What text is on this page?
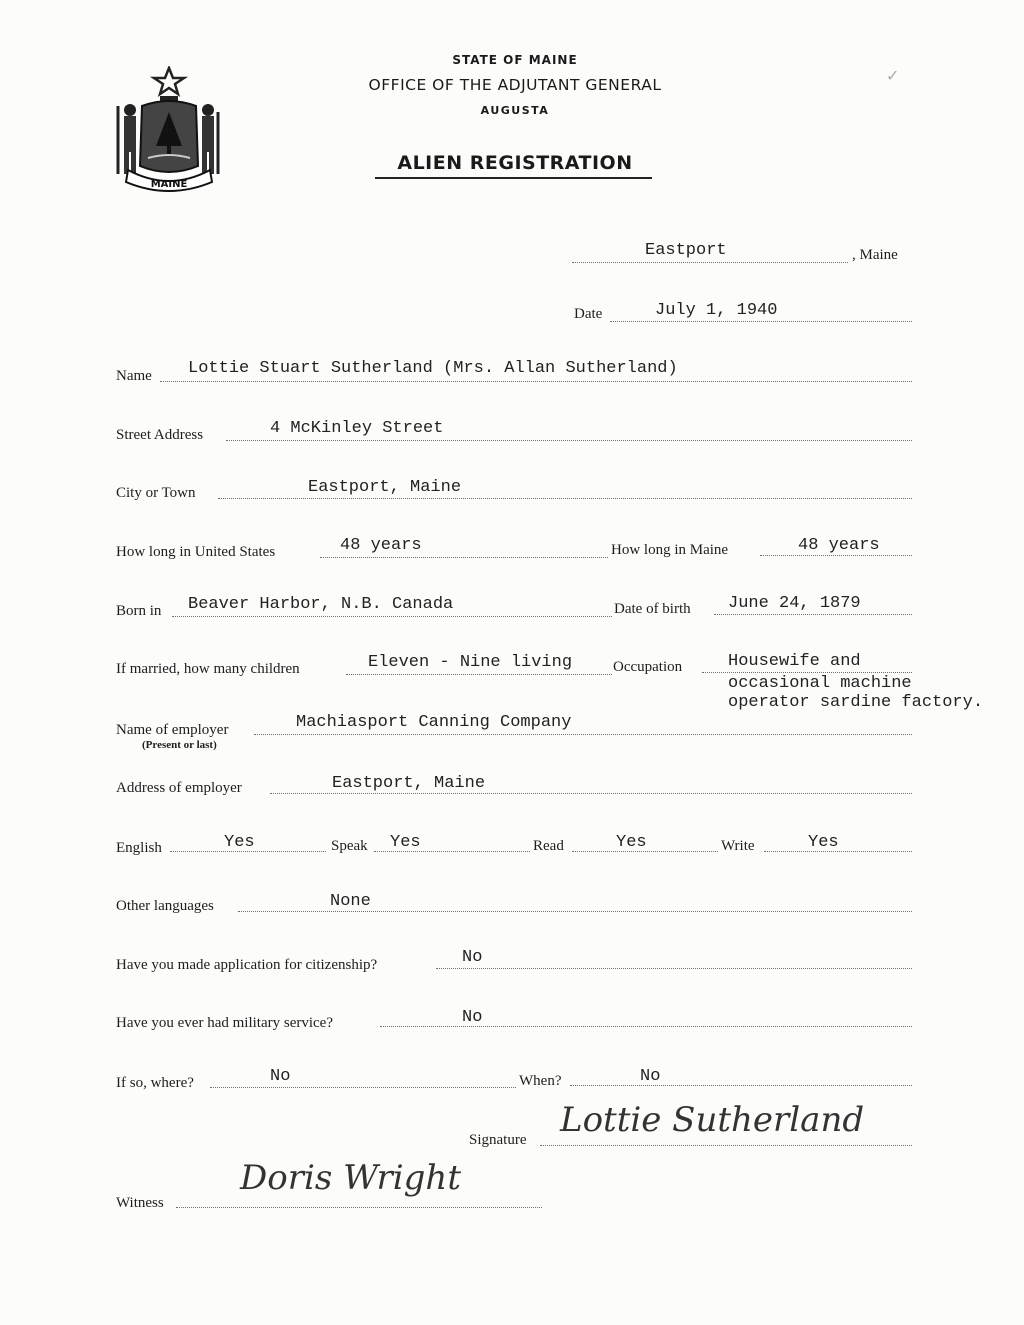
MAINE
STATE OF MAINE
OFFICE OF THE ADJUTANT GENERAL
AUGUSTA
ALIEN REGISTRATION
✓
Eastport	, Maine
Date	July 1, 1940
Name Lottie Stuart Sutherland (Mrs. Allan Sutherland)
Street Address	4 McKinley Street
City or Town	Eastport, Maine
How long in United States	48 years	How long in Maine	48 years
Born in Beaver Harbor, N.B. Canada	Date of birth June 24, 1879
If married, how many children	Eleven - Nine living	Occupation	Housewife and
occasional machine
operator sardine factory.
Name of employer
(Present or last)
Machiasport Canning Company
Address of employer	Eastport, Maine
English	Yes	Speak Yes	Read	Yes	Write	Yes
Other languages	None
Have you made application for citizenship?	No
Have you ever had military service?	No
If so, where?	No	When?	No
Signature Lottie Sutherland
Witness
Doris Wright
